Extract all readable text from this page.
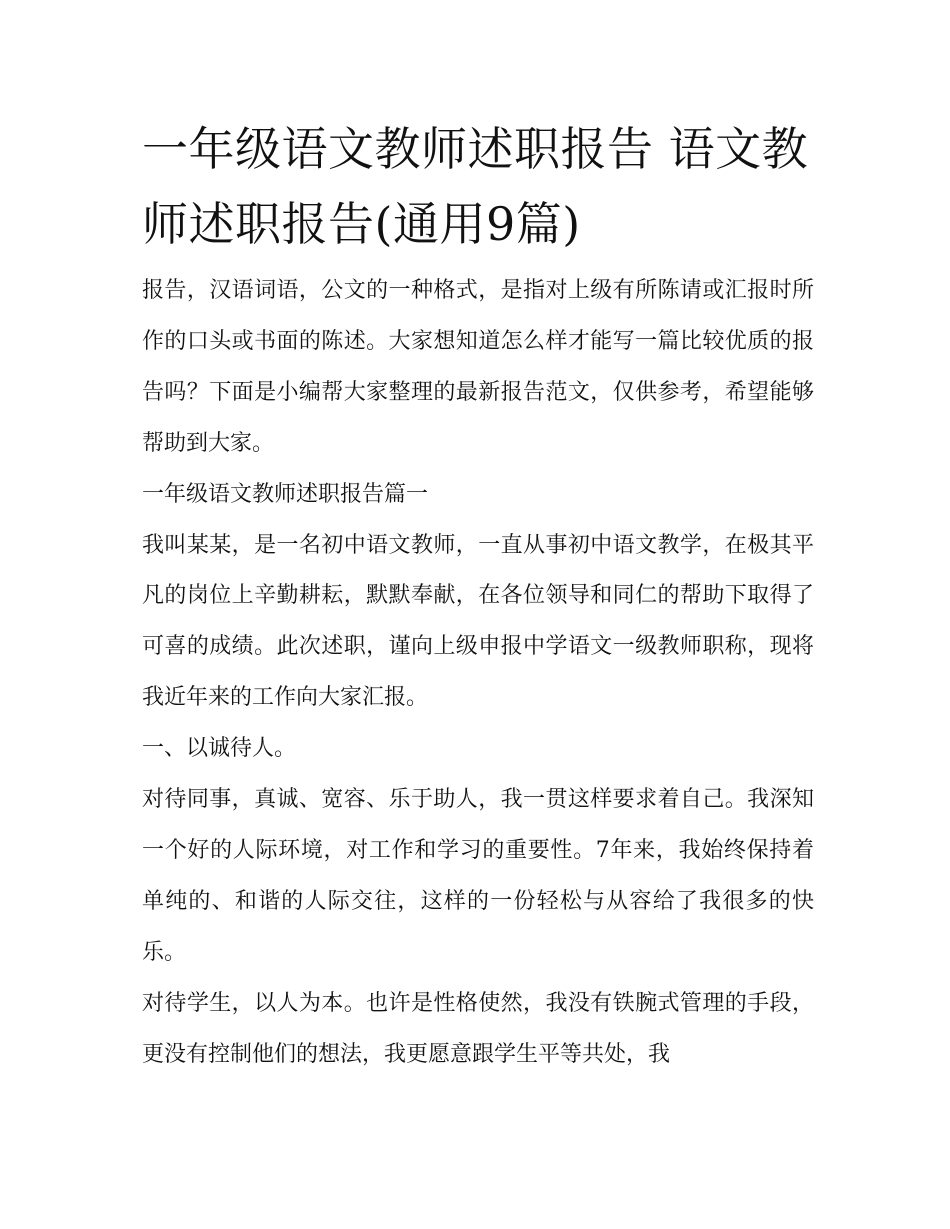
一年级语文教师述职报告 语文教师述职报告(通用9篇)

报告，汉语词语，公文的一种格式，是指对上级有所陈请或汇报时所作的口头或书面的陈述。大家想知道怎么样才能写一篇比较优质的报告吗？下面是小编帮大家整理的最新报告范文，仅供参考，希望能够帮助到大家。

一年级语文教师述职报告篇一

我叫某某，是一名初中语文教师，一直从事初中语文教学，在极其平凡的岗位上辛勤耕耘，默默奉献，在各位领导和同仁的帮助下取得了可喜的成绩。此次述职，谨向上级申报中学语文一级教师职称，现将我近年来的工作向大家汇报。

一、以诚待人。

对待同事，真诚、宽容、乐于助人，我一贯这样要求着自己。我深知一个好的人际环境，对工作和学习的重要性。7年来，我始终保持着单纯的、和谐的人际交往，这样的一份轻松与从容给了我很多的快乐。

对待学生，以人为本。也许是性格使然，我没有铁腕式管理的手段，更没有控制他们的想法，我更愿意跟学生平等共处，我
